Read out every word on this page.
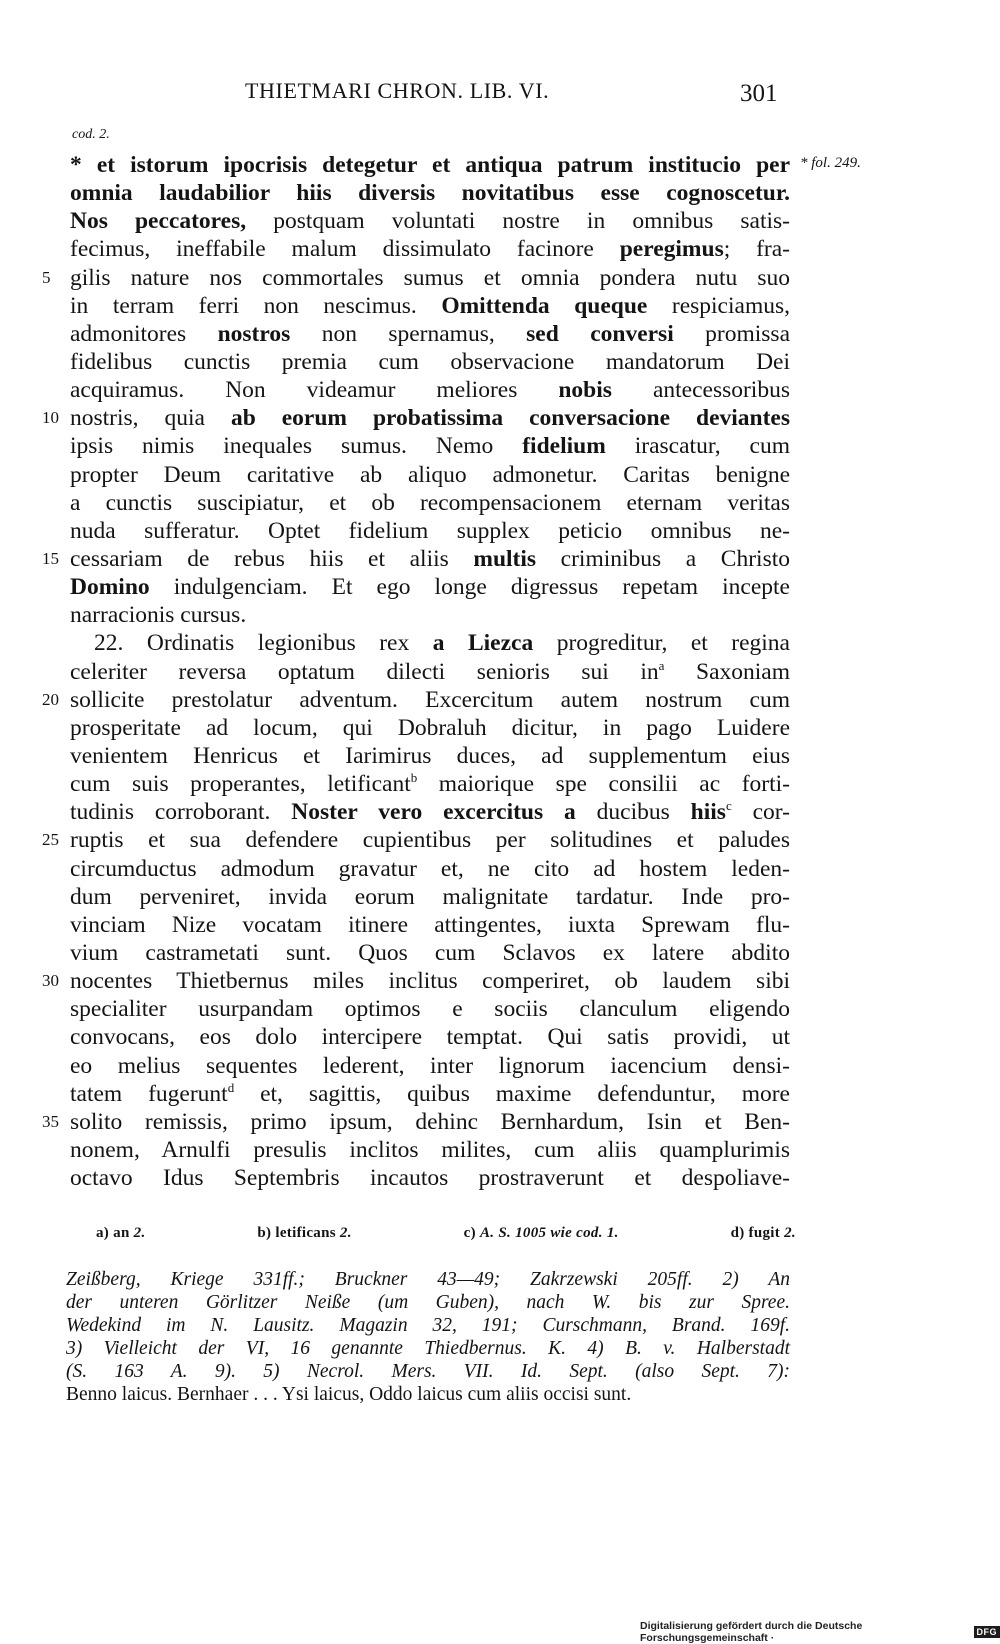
THIETMARI CHRON. LIB. VI.	301
cod. 2.
* fol. 249.
* et istorum ipocrisis detegetur et antiqua patrum institucio per
omnia laudabilior hiis diversis novitatibus esse cognoscetur.
Nos peccatores, postquam voluntati nostre in omnibus satis-
fecimus, ineffabile malum dissimulato facinore peregimus; fra-
5 gilis nature nos commortales sumus et omnia pondera nutu suo
in terram ferri non nescimus. Omittenda queque respiciamus,
admonitores nostros non spernamus, sed conversi promissa
fidelibus cunctis premia cum observacione mandatorum Dei
acquiramus. Non videamur meliores nobis antecessoribus
10 nostris, quia ab eorum probatissima conversacione deviantes
ipsis nimis inequales sumus. Nemo fidelium irascatur, cum
propter Deum caritative ab aliquo admonetur. Caritas benigne
a cunctis suscipiatur, et ob recompensacionem eternam veritas
nuda sufferatur. Optet fidelium supplex peticio omnibus ne-
15 cessariam de rebus hiis et aliis multis criminibus a Christo
Domino indulgenciam. Et ego longe digressus repetam incepte
narracionis cursus.
22. Ordinatis legionibus rex a Liezca progreditur, et regina
celeriter reversa optatum dilecti senioris sui $in^a$ Saxoniam
20 sollicite prestolatur adventum. Excercitum autem nostrum cum
prosperitate ad locum, qui Dobraluh dicitur, in pago Luidere
venientem Henricus et Iarimirus duces, ad supplementum eius
cum suis properantes, letificant$^b$ maiorique spe consilii ac forti-
tudinis corroborant. Noster vero excercitus a ducibus hiis$^c$ cor-
25 ruptis et sua defendere cupientibus per solitudines et paludes
circumductus admodum gravatur et, ne cito ad hostem leden-
dum perveniret, invida eorum malignitate tardatur. Inde pro-
vinciam Nize vocatam itinere attingentes, iuxta Sprewam flu-
vium castrametati sunt. Quos cum Sclavos ex latere abdito
30 nocentes Thietbernus miles inclitus comperiret, ob laudem sibi
specialiter usurpandam optimos e sociis clanculum eligendo
convocans, eos dolo intercipere temptat. Qui satis providi, ut
eo melius sequentes lederent, inter lignorum iacencium densi-
tatem fugerunt$^d$ et, sagittis, quibus maxime defenduntur, more
35 solito remissis, primo ipsum, dehinc Bernhardum, Isin et Ben-
nonem, Arnulfi presulis inclitos milites, cum aliis quamplurimis
octavo Idus Septembris incautos prostraverunt et despoliave-
a) an 2.	b) letificans 2.	c) A. S. 1005 wie cod. 1.	d) fugit 2.
Zeißberg, Kriege 331ff.; Bruckner 43—49; Zakrzewski 205ff. 2) An
der unteren Görlitzer Neiße (um Guben), nach W. bis zur Spree.
Wedekind im N. Lausitz. Magazin 32, 191; Curschmann, Brand. 169f.
3) Vielleicht der VI, 16 genannte Thiedbernus. K. 4) B. v. Halberstadt
(S. 163 A. 9). 5) Necrol. Mers. VII. Id. Sept. (also Sept. 7):
Benno laicus. Bernhaer . . . Ysi laicus, Oddo laicus cum aliis occisi sunt.
Digitalisierung gefördert durch die Deutsche Forschungsgemeinschaft ·	DFG
